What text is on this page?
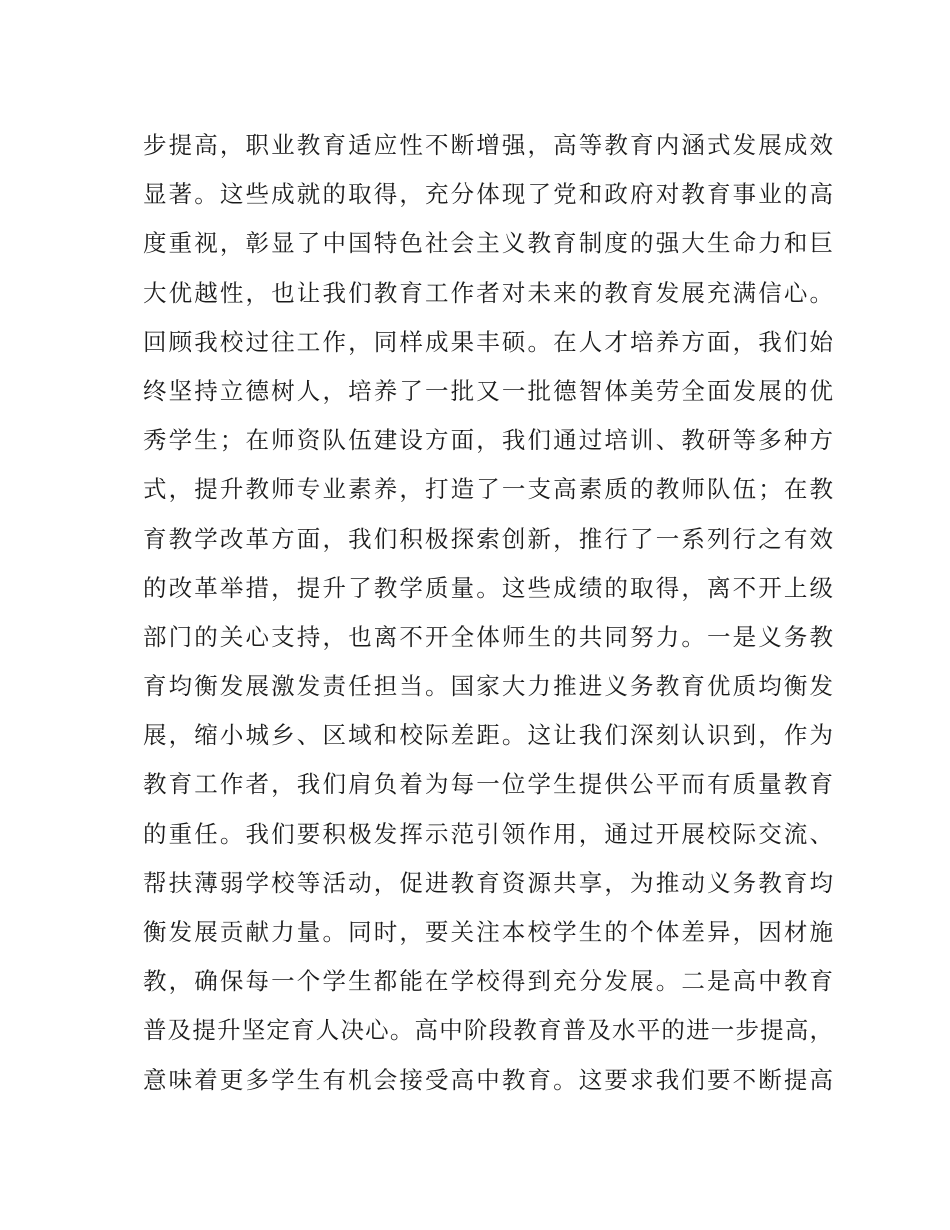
步提高，职业教育适应性不断增强，高等教育内涵式发展成效
显著。这些成就的取得，充分体现了党和政府对教育事业的高
度重视，彰显了中国特色社会主义教育制度的强大生命力和巨
大优越性，也让我们教育工作者对未来的教育发展充满信心。
回顾我校过往工作，同样成果丰硕。在人才培养方面，我们始
终坚持立德树人，培养了一批又一批德智体美劳全面发展的优
秀学生；在师资队伍建设方面，我们通过培训、教研等多种方
式，提升教师专业素养，打造了一支高素质的教师队伍；在教
育教学改革方面，我们积极探索创新，推行了一系列行之有效
的改革举措，提升了教学质量。这些成绩的取得，离不开上级
部门的关心支持，也离不开全体师生的共同努力。一是义务教
育均衡发展激发责任担当。国家大力推进义务教育优质均衡发
展，缩小城乡、区域和校际差距。这让我们深刻认识到，作为
教育工作者，我们肩负着为每一位学生提供公平而有质量教育
的重任。我们要积极发挥示范引领作用，通过开展校际交流、
帮扶薄弱学校等活动，促进教育资源共享，为推动义务教育均
衡发展贡献力量。同时，要关注本校学生的个体差异，因材施
教，确保每一个学生都能在学校得到充分发展。二是高中教育
普及提升坚定育人决心。高中阶段教育普及水平的进一步提高，
意味着更多学生有机会接受高中教育。这要求我们要不断提高
